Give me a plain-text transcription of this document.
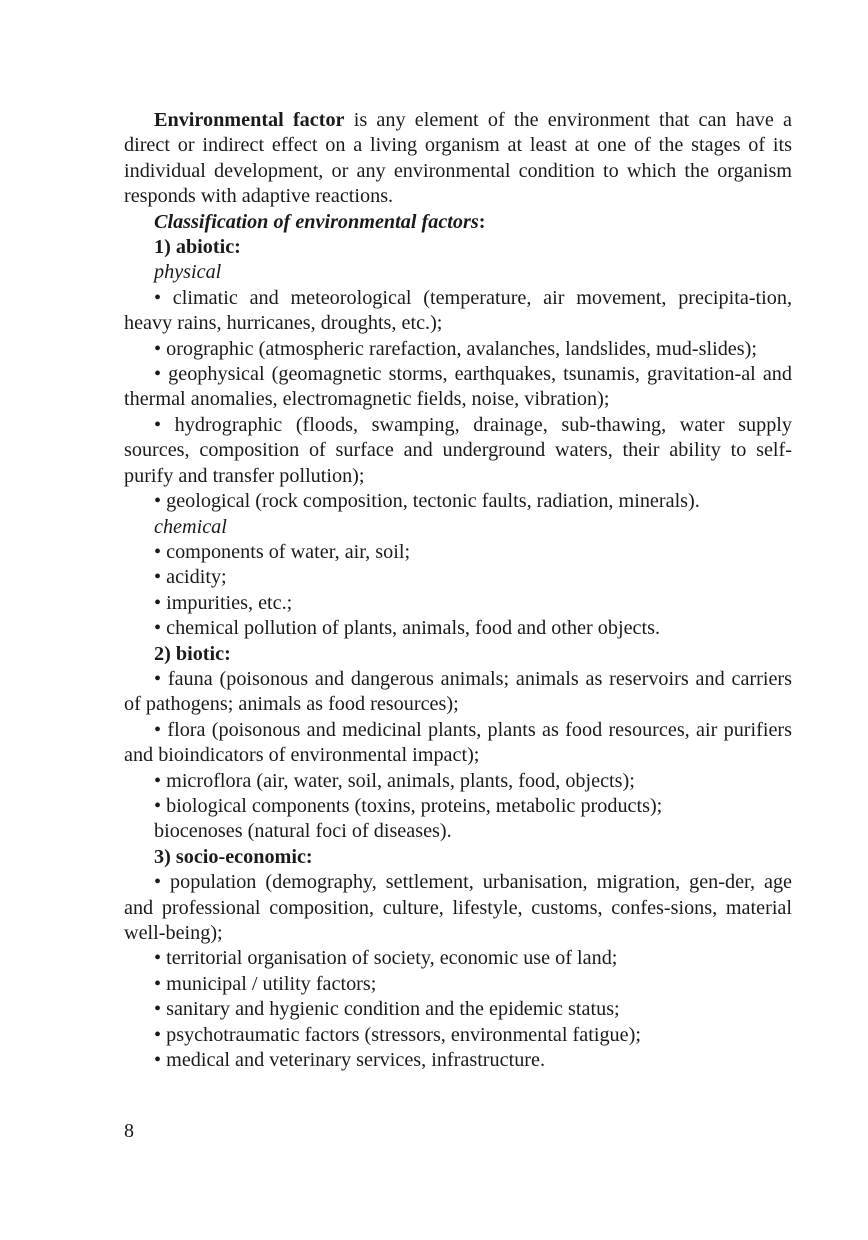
Environmental factor is any element of the environment that can have a direct or indirect effect on a living organism at least at one of the stages of its individual development, or any environmental condition to which the organism responds with adaptive reactions.

Classification of environmental factors:

1) abiotic:

physical

• climatic and meteorological (temperature, air movement, precipita-tion, heavy rains, hurricanes, droughts, etc.);

• orographic (atmospheric rarefaction, avalanches, landslides, mud-slides);

• geophysical (geomagnetic storms, earthquakes, tsunamis, gravitation-al and thermal anomalies, electromagnetic fields, noise, vibration);

• hydrographic (floods, swamping, drainage, sub-thawing, water supply sources, composition of surface and underground waters, their ability to self-purify and transfer pollution);

• geological (rock composition, tectonic faults, radiation, minerals).

chemical

• components of water, air, soil;

• acidity;

• impurities, etc.;

• chemical pollution of plants, animals, food and other objects.

2) biotic:

• fauna (poisonous and dangerous animals; animals as reservoirs and carriers of pathogens; animals as food resources);

• flora (poisonous and medicinal plants, plants as food resources, air purifiers and bioindicators of environmental impact);

• microflora (air, water, soil, animals, plants, food, objects);

• biological components (toxins, proteins, metabolic products);

biocenoses (natural foci of diseases).

3) socio-economic:

• population (demography, settlement, urbanisation, migration, gen-der, age and professional composition, culture, lifestyle, customs, confes-sions, material well-being);

• territorial organisation of society, economic use of land;

• municipal / utility factors;

• sanitary and hygienic condition and the epidemic status;

• psychotraumatic factors (stressors, environmental fatigue);

• medical and veterinary services, infrastructure.

8
